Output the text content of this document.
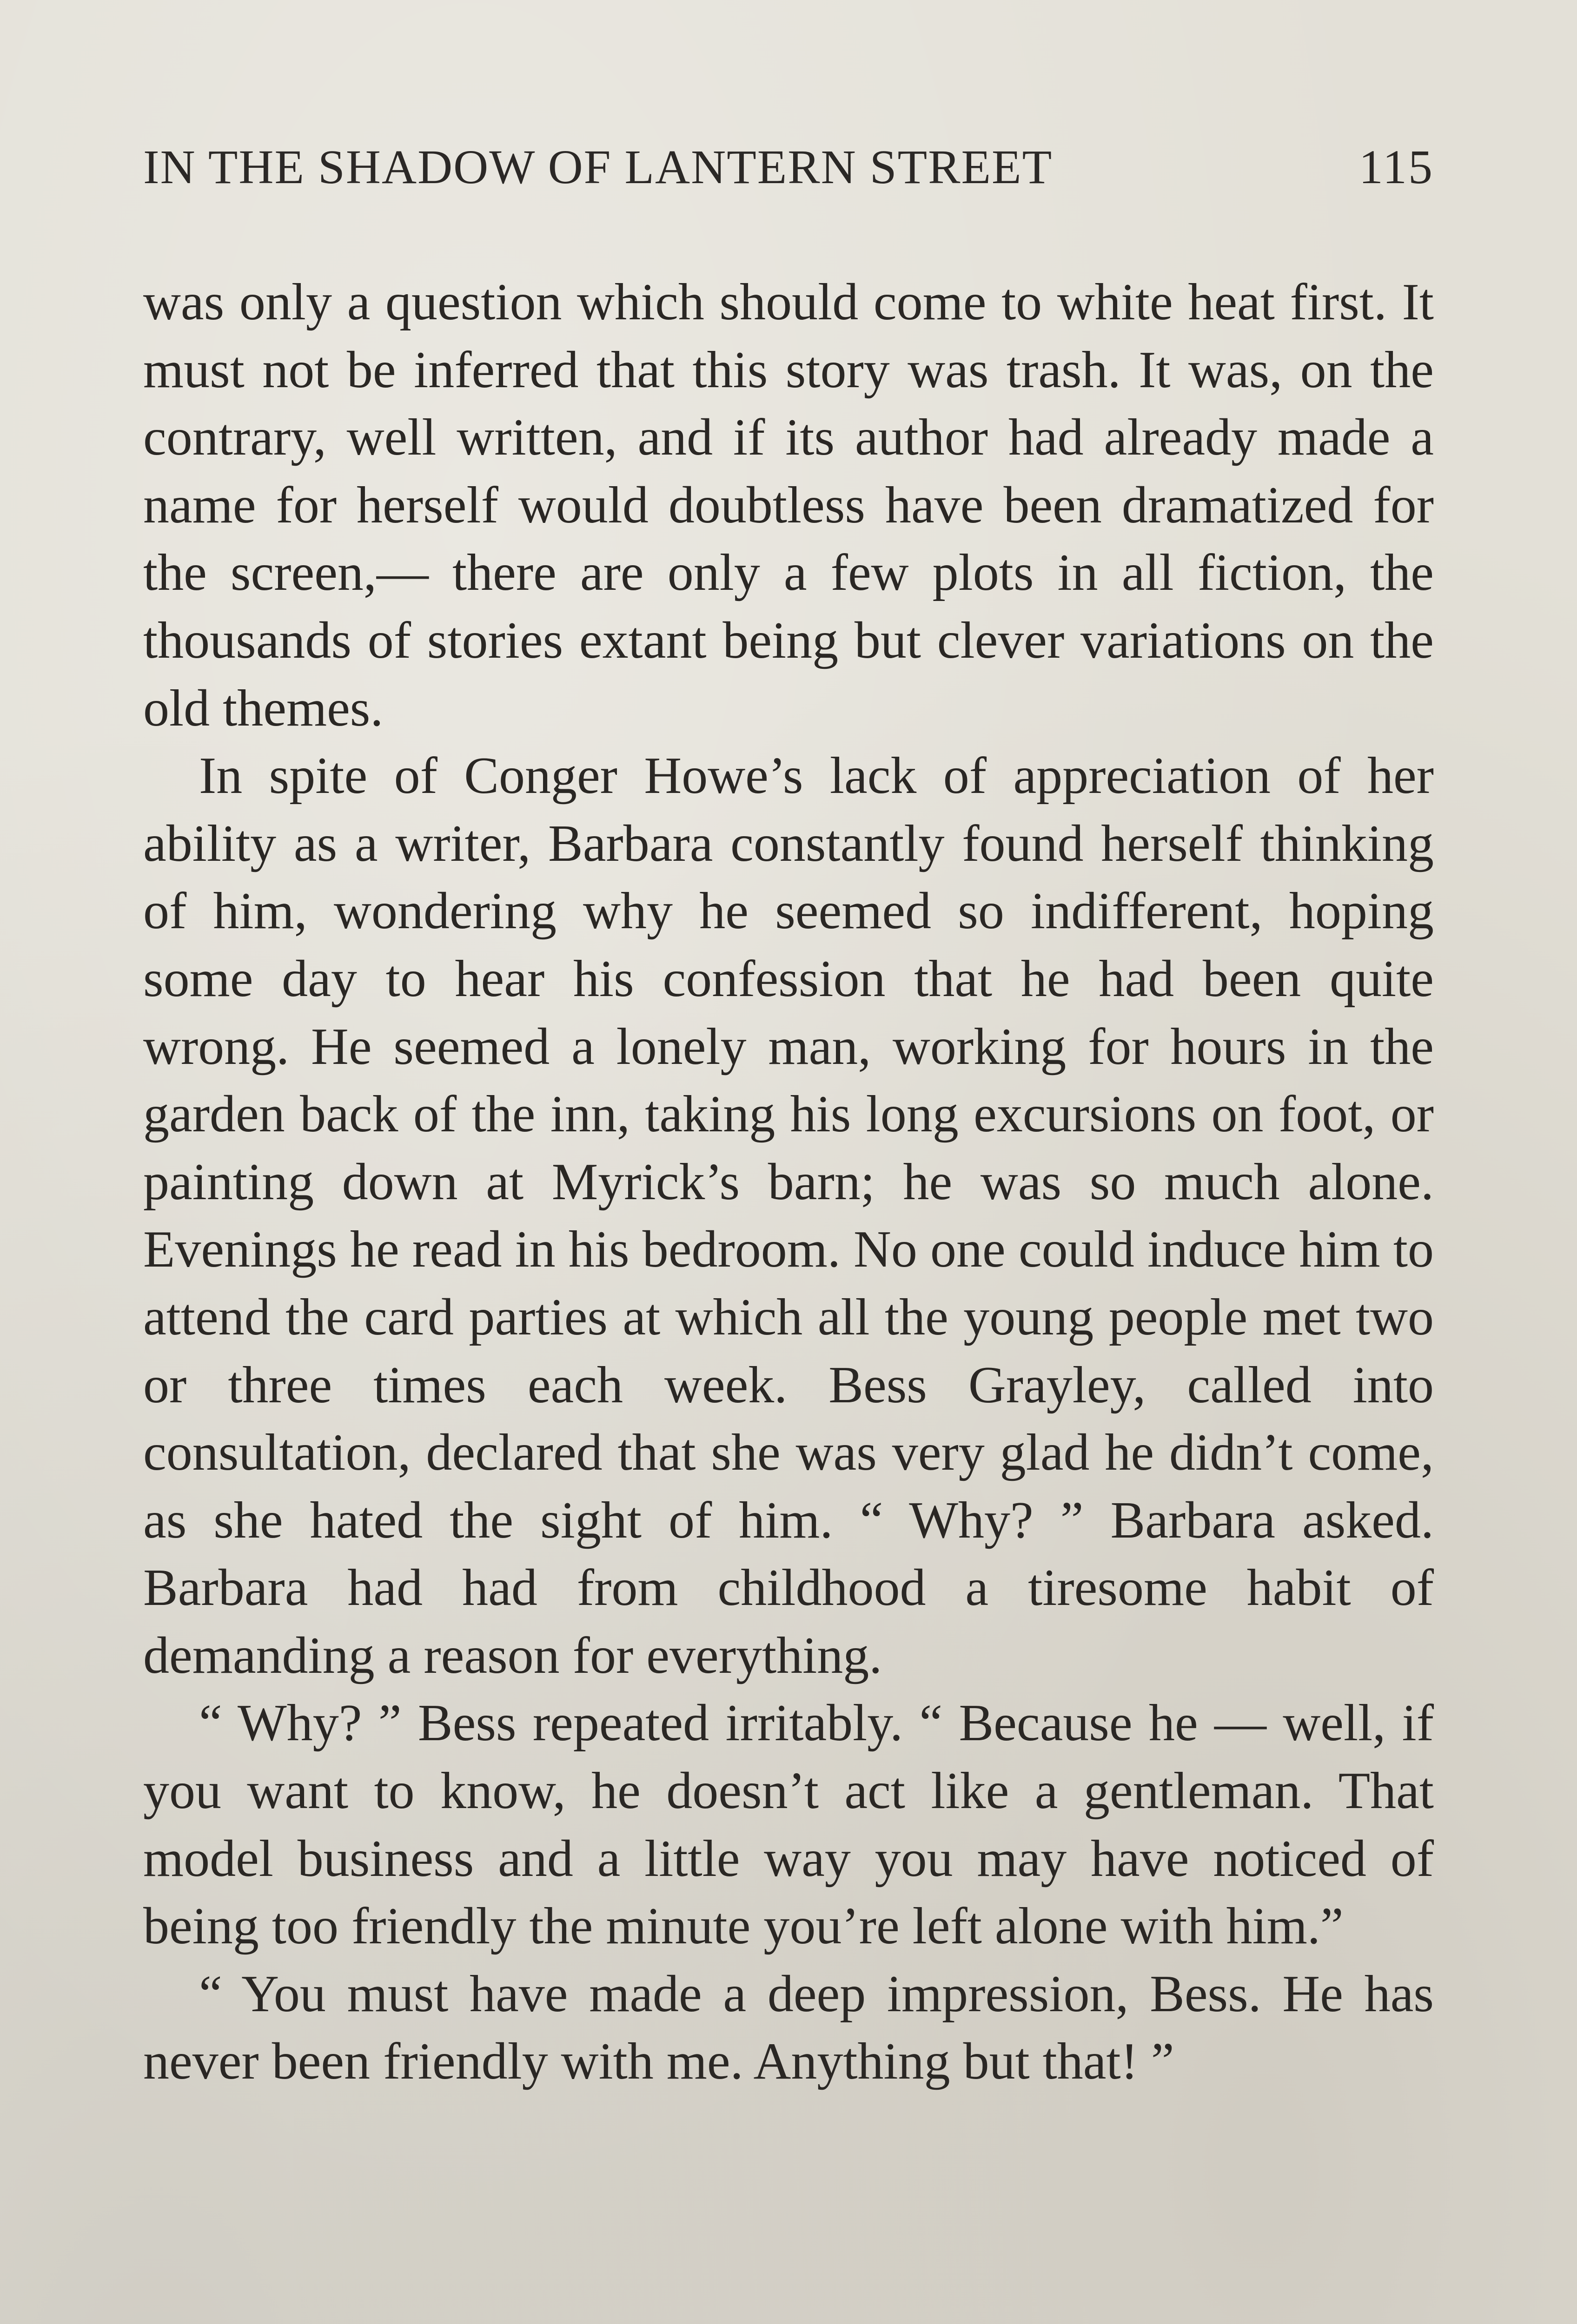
IN THE SHADOW OF LANTERN STREET	115

was only a question which should come to white heat first. It must not be inferred that this story was trash. It was, on the contrary, well written, and if its author had already made a name for herself would doubtless have been dramatized for the screen,— there are only a few plots in all fiction, the thousands of stories extant being but clever variations on the old themes.

In spite of Conger Howe’s lack of appreciation of her ability as a writer, Barbara constantly found herself thinking of him, wondering why he seemed so indifferent, hoping some day to hear his confession that he had been quite wrong. He seemed a lonely man, working for hours in the garden back of the inn, taking his long excursions on foot, or painting down at Myrick’s barn; he was so much alone. Evenings he read in his bedroom. No one could induce him to attend the card parties at which all the young people met two or three times each week. Bess Grayley, called into consultation, declared that she was very glad he didn’t come, as she hated the sight of him. “ Why? ” Barbara asked. Barbara had had from childhood a tiresome habit of demanding a reason for everything.

“ Why? ” Bess repeated irritably. “ Because he — well, if you want to know, he doesn’t act like a gentleman. That model business and a little way you may have noticed of being too friendly the minute you’re left alone with him.”

“ You must have made a deep impression, Bess. He has never been friendly with me. Anything but that! ”
